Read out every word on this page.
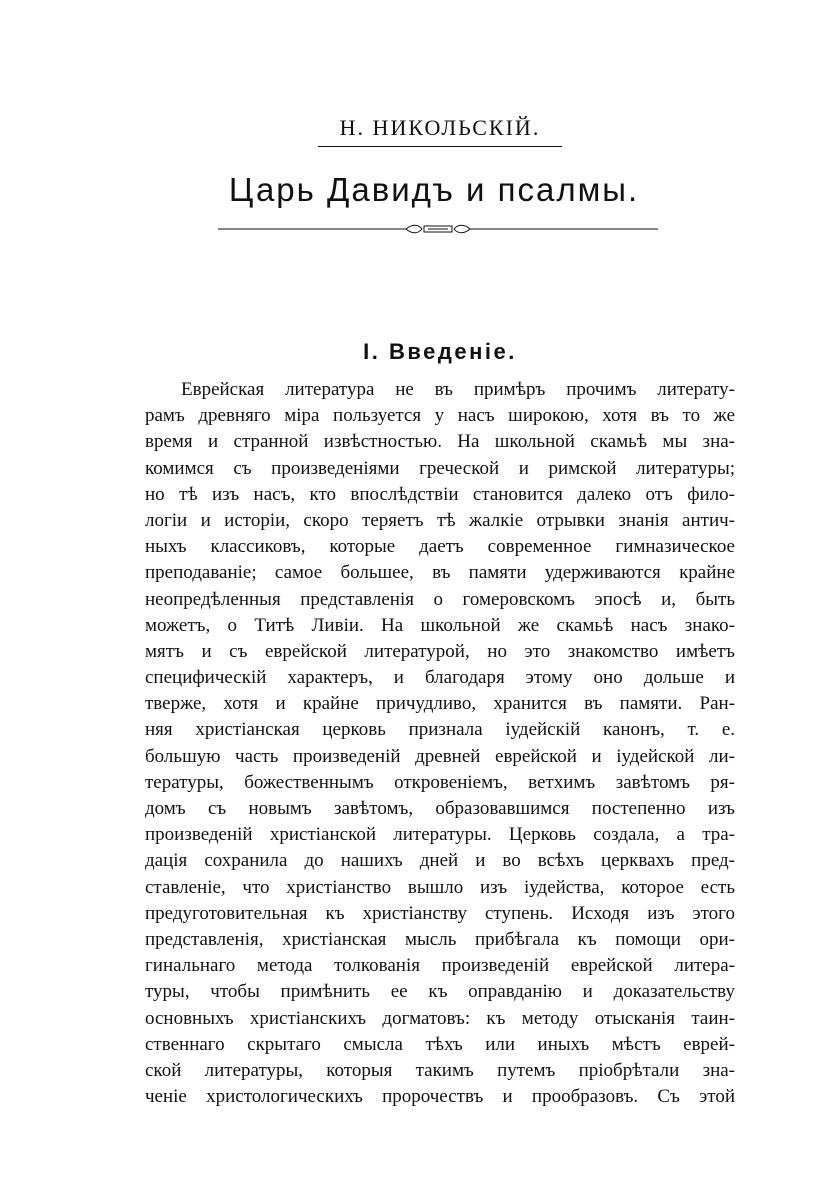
Н. НИКОЛЬСКІЙ.
Царь Давидъ и псалмы.
I. Введеніе.
Еврейская литература не въ примѣръ прочимъ литерату-
рамъ древняго міра пользуется у насъ широкою, хотя въ то же
время и странной извѣстностью. На школьной скамьѣ мы зна-
комимся съ произведеніями греческой и римской литературы;
но тѣ изъ насъ, кто впослѣдствіи становится далеко отъ фило-
логіи и исторіи, скоро теряетъ тѣ жалкіе отрывки знанія антич-
ныхъ классиковъ, которые даетъ современное гимназическое
преподаваніе; самое большее, въ памяти удерживаются крайне
неопредѣленныя представленія о гомеровскомъ эпосѣ и, быть
можетъ, о Титѣ Ливіи. На школьной же скамьѣ насъ знако-
мятъ и съ еврейской литературой, но это знакомство имѣетъ
специфическій характеръ, и благодаря этому оно дольше и
тверже, хотя и крайне причудливо, хранится въ памяти. Ран-
няя христіанская церковь признала іудейскій канонъ, т. е.
большую часть произведеній древней еврейской и іудейской ли-
тературы, божественнымъ откровеніемъ, ветхимъ завѣтомъ ря-
домъ съ новымъ завѣтомъ, образовавшимся постепенно изъ
произведеній христіанской литературы. Церковь создала, а тра-
дація сохранила до нашихъ дней и во всѣхъ церквахъ пред-
ставленіе, что христіанство вышло изъ іудейства, которое есть
предуготовительная къ христіанству ступень. Исходя изъ этого
представленія, христіанская мысль прибѣгала къ помощи ори-
гинальнаго метода толкованія произведеній еврейской литера-
туры, чтобы примѣнить ее къ оправданію и доказательству
основныхъ христіанскихъ догматовъ: къ методу отысканія таин-
ственнаго скрытаго смысла тѣхъ или иныхъ мѣстъ еврей-
ской литературы, которыя такимъ путемъ пріобрѣтали зна-
ченіе христологическихъ пророчествъ и прообразовъ. Съ этой
